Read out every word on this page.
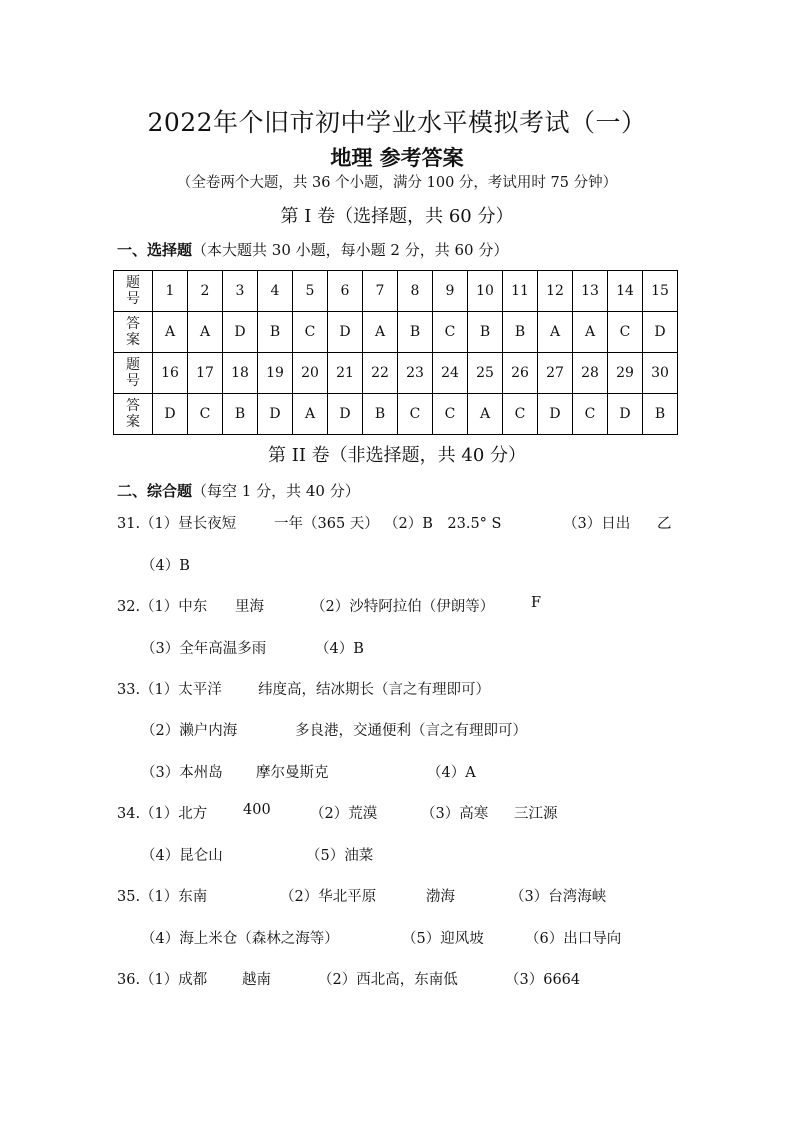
2022年个旧市初中学业水平模拟考试（一）
地理 参考答案
（全卷两个大题，共 36 个小题，满分 100 分，考试用时 75 分钟）
第 I 卷（选择题，共 60 分）
一、选择题（本大题共 30 小题，每小题 2 分，共 60 分）
题号	1	2	3	4	5	6	7	8	9	10	11	12	13	14	15
答案	A	A	D	B	C	D	A	B	C	B	B	A	A	C	D
题号	16	17	18	19	20	21	22	23	24	25	26	27	28	29	30
答案	D	C	B	D	A	D	B	C	C	A	C	D	C	D	B
第 II 卷（非选择题，共 40 分）
二、综合题（每空 1 分，共 40 分）
31.（1）昼长夜短	一年（365 天） （2）B　23.5° S	（3）日出 乙
（4）B
32.（1）中东 里海	（2）沙特阿拉伯（伊朗等）	F
（3）全年高温多雨	（4）B
33.（1）太平洋 纬度高，结冰期长（言之有理即可）
（2）濑户内海	多良港，交通便利（言之有理即可）
（3）本州岛 摩尔曼斯克	（4）A
34.（1）北方 400	（2）荒漠	（3）高寒 三江源
（4）昆仑山	（5）油菜
35.（1）东南	（2）华北平原	渤海	（3）台湾海峡
（4）海上米仓（森林之海等）	（5）迎风坡	（6）出口导向
36.（1）成都 越南	（2）西北高，东南低	（3）6664
